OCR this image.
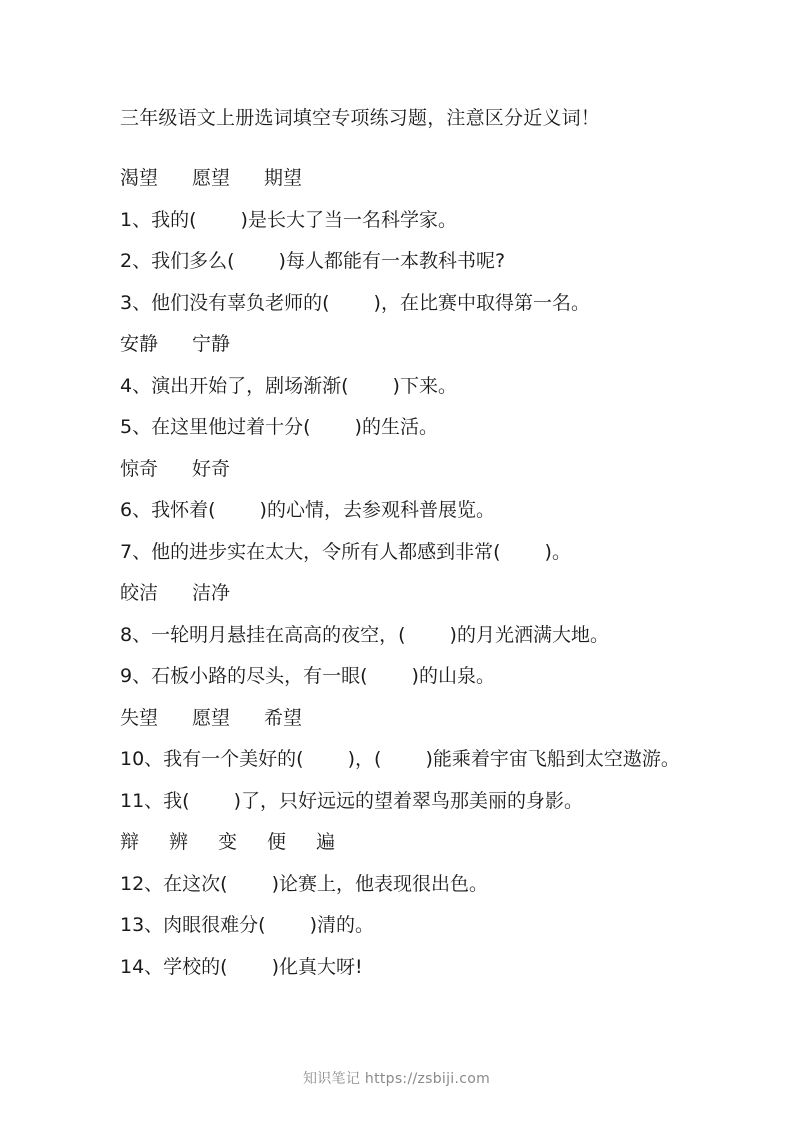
三年级语文上册选词填空专项练习题，注意区分近义词！
渴望 愿望 期望
1、我的(　　 )是长大了当一名科学家。
2、我们多么(　　 )每人都能有一本教科书呢?
3、他们没有辜负老师的(　　 )，在比赛中取得第一名。
安静 宁静
4、演出开始了，剧场渐渐(　　 )下来。
5、在这里他过着十分(　　 )的生活。
惊奇 好奇
6、我怀着(　　 )的心情，去参观科普展览。
7、他的进步实在太大，令所有人都感到非常(　　 )。
皎洁 洁净
8、一轮明月悬挂在高高的夜空，(　　 )的月光洒满大地。
9、石板小路的尽头，有一眼(　　 )的山泉。
失望 愿望 希望
10、我有一个美好的(　　 )，(　　 )能乘着宇宙飞船到太空遨游。
11、我(　　 )了，只好远远的望着翠鸟那美丽的身影。
辩 辨 变 便 遍
12、在这次(　　 )论赛上，他表现很出色。
13、肉眼很难分(　　 )清的。
14、学校的(　　 )化真大呀!
知识笔记 https://zsbiji.com
